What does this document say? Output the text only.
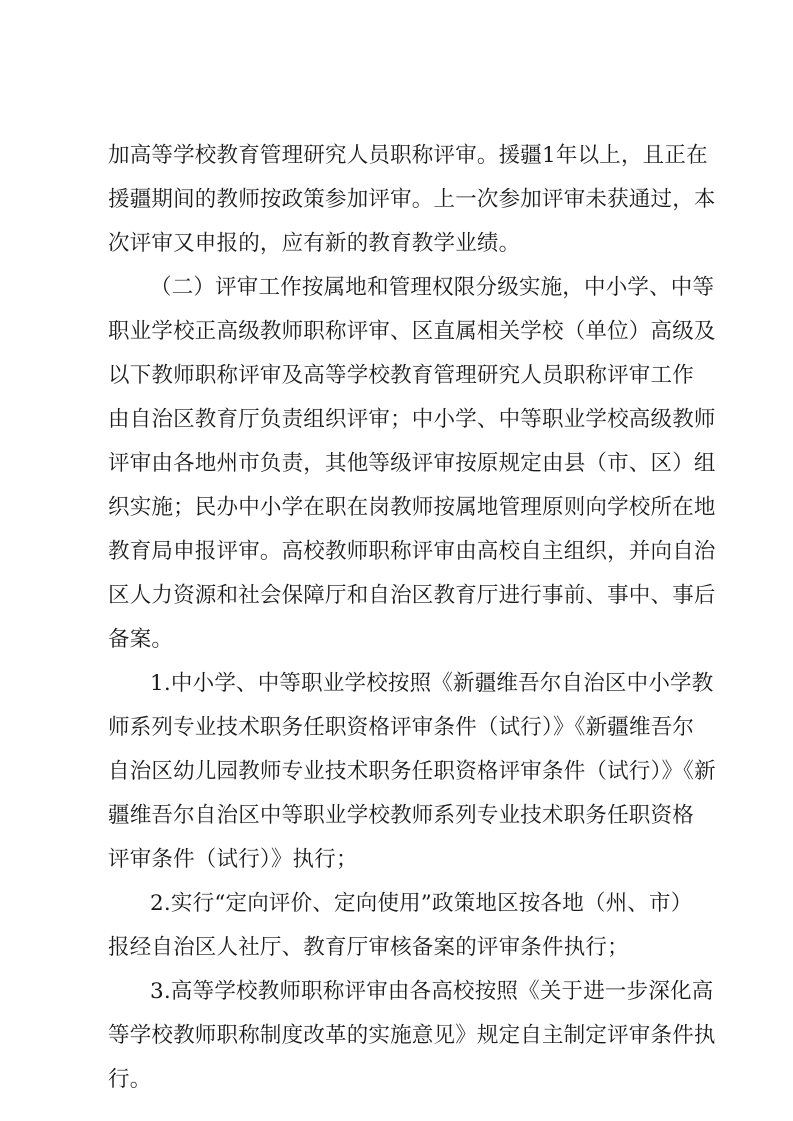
加高等学校教育管理研究人员职称评审。援疆1年以上，且正在
援疆期间的教师按政策参加评审。上一次参加评审未获通过，本
次评审又申报的，应有新的教育教学业绩。
（二）评审工作按属地和管理权限分级实施，中小学、中等
职业学校正高级教师职称评审、区直属相关学校（单位）高级及
以下教师职称评审及高等学校教育管理研究人员职称评审工作
由自治区教育厅负责组织评审；中小学、中等职业学校高级教师
评审由各地州市负责，其他等级评审按原规定由县（市、区）组
织实施；民办中小学在职在岗教师按属地管理原则向学校所在地
教育局申报评审。高校教师职称评审由高校自主组织，并向自治
区人力资源和社会保障厅和自治区教育厅进行事前、事中、事后
备案。
1.中小学、中等职业学校按照《新疆维吾尔自治区中小学教
师系列专业技术职务任职资格评审条件（试行）》《新疆维吾尔
自治区幼儿园教师专业技术职务任职资格评审条件（试行）》《新
疆维吾尔自治区中等职业学校教师系列专业技术职务任职资格
评审条件（试行）》执行；
2.实行“定向评价、定向使用”政策地区按各地（州、市）
报经自治区人社厅、教育厅审核备案的评审条件执行；
3.高等学校教师职称评审由各高校按照《关于进一步深化高
等学校教师职称制度改革的实施意见》规定自主制定评审条件执
行。
